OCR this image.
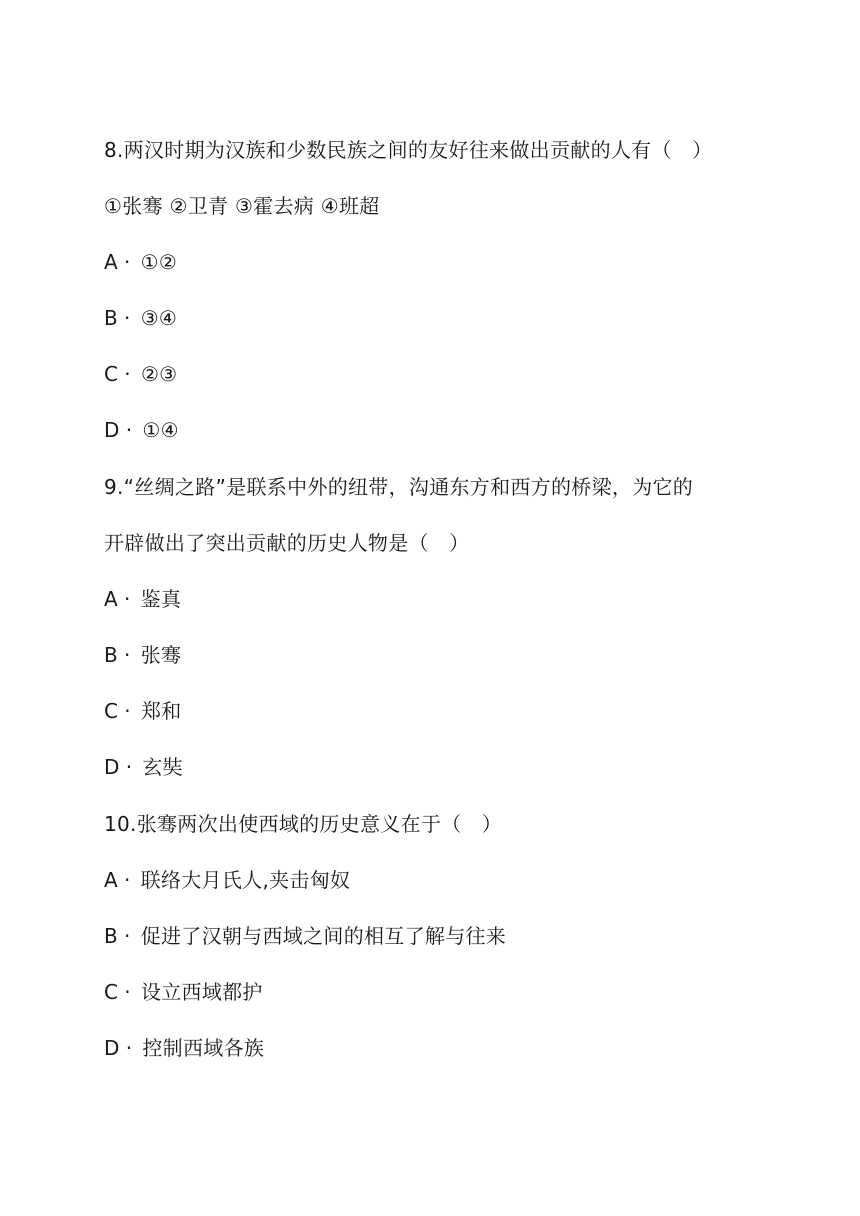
8.两汉时期为汉族和少数民族之间的友好往来做出贡献的人有（　）
①张骞 ②卫青 ③霍去病 ④班超
A · ①②
B · ③④
C · ②③
D · ①④
9.“丝绸之路”是联系中外的纽带，沟通东方和西方的桥梁，为它的
开辟做出了突出贡献的历史人物是（　）
A · 鉴真
B · 张骞
C · 郑和
D · 玄奘
10.张骞两次出使西域的历史意义在于（　）
A · 联络大月氏人,夹击匈奴
B · 促进了汉朝与西域之间的相互了解与往来
C · 设立西域都护
D · 控制西域各族
